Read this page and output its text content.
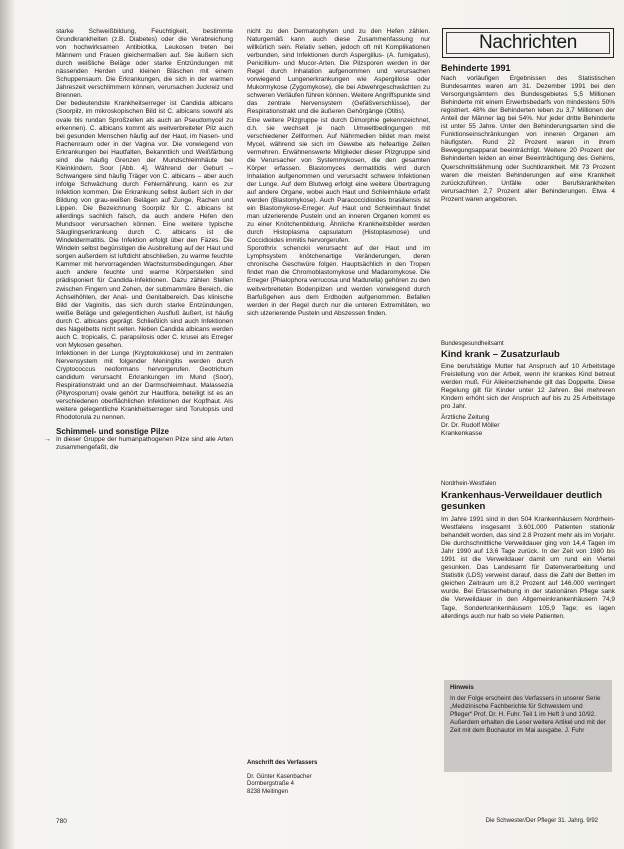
starke Schweißbildung, Feuchtigkeit, bestimmte Grundkrankheiten (z.B. Diabetes) oder die Verabreichung von hochwirksamen Antibiotika, Leukosen treten bei Männern und Frauen gleichermaßen auf. Sie äußern sich durch weißliche Beläge oder starke Entzündungen mit nässenden Herden und kleinen Bläschen mit einem Schuppensaum. Die Erkrankungen, die sich in der warmen Jahreszeit verschlimmern können, verursachen Juckreiz und Brennen.

Der bedeutendste Krankheitserreger ist Candida albicans (Soorpilz, im mikroskopischen Bild ist C. albicans sowohl als ovale bis rundan Sproßzellen als auch an Pseudomycel zu erkennen). C. albicans kommt als weitverbreiteter Pilz auch bei gesunden Menschen häufig auf der Haut, im Nasen- und Rachenraum oder in der Vagina vor. Die vorwiegend von Erkrankungen bei Hautfalten, Bekanntlich und Weißfärbung sind die häufig Grenzen der Mundschleimhäute bei Kleinkindern. Soor [Abb. 4]. Während der Geburt – Schwangere sind häufig Träger von C. albicans – aber auch infolge Schwächung durch Fehlernährung, kann es zur Infektion kommen. Die Erkrankung selbst äußert sich in der Bildung von grau-weißen Belägen auf Zunge, Rachen und Lippen. Die Bezeichnung Soorpilz für C. albicans ist allerdings sachlich falsch, da auch andere Hefen den Mundsoor verursachen können. Eine weitere typische Säuglingserkrankung durch C. albicans ist die Windeldermatitis. Die Infektion erfolgt über den Fäzes. Die Windeln selbst begünstigen die Ausbreitung auf der Haut und sorgen außerdem ist luftdicht abschließen, zu warme feuchte Kammer mit hervorragenden Wachstumsbedingungen. Aber auch andere feuchte und warme Körperstellen sind prädisponiert für Candida-Infektionen. Dazu zählen Stellen zwischen Fingern und Zehen, der submammäre Bereich, die Achselhöhlen, der Anal- und Genitalbereich. Das klinische Bild der Vaginitis, das sich durch starke Entzündungen, weiße Beläge und gelegentlichen Ausfluß äußert, ist häufig durch C. albicans geprägt. Schließlich sind auch Infektionen des Nagelbetts nicht selten. Neben Candida albicans werden auch C. tropicalis, C. parapsilosis oder C. krusei als Erreger von Mykosen gesehen.

Infektionen in der Lunge (Kryptokokkose) und im zentralen Nervensystem mit folgender Meningitis werden durch Cryptococcus neoformans hervorgerufen. Geotrichum candidum verursacht Erkrankungen im Mund (Soor), Respirationstrakt und an der Darmschleimhaut. Malassezia (Pityrosporum) ovale gehört zur Hautflora, beteiligt ist es an verschiedenen oberflächlichen Infektionen der Kopfhaut. Als weitere gelegentliche Krankheitserreger sind Torulopsis und Rhodotorula zu nennen.

Schimmel- und sonstige Pilze

In dieser Gruppe der humanpathogenen Pilze sind alle Arten zusammengefaßt, die

→

nicht zu den Dermatophyten und zu den Hefen zählen. Naturgemäß kann auch diese Zusammenfassung nur willkürlich sein. Relativ selten, jedoch oft mit Komplikationen verbunden, sind Infektionen durch Aspergillus- (A. fumigatus), Penicillium- und Mucor-Arten. Die Pilzsporen werden in der Regel durch Inhalation aufgenommen und verursachen vorwiegend Lungenerkrankungen wie Aspergillose oder Mukormykose (Zygomykose), die bei Abwehrgeschwächten zu schweren Verläufen führen können. Weitere Angriffspunkte sind das zentrale Nervensystem (Gefäßverschlüsse), der Respirationstrakt und die äußeren Gehörgänge (Otitis).

Eine weitere Pilzgruppe ist durch Dimorphie gekennzeichnet, d.h. sie wechselt je nach Umweltbedingungen mit verschiedener Zellformen. Auf Nährmedien bildet man meist Mycel, während sie sich im Gewebe als hefeartige Zellen vermehren. Erwähnenswerte Mitglieder dieser Pilzgruppe sind die Verursacher von Systemmykosen, die den gesamten Körper erfassen. Blastomyces dermatitidis wird durch Inhalation aufgenommen und verursacht schwere Infektionen der Lunge. Auf dem Blutweg erfolgt eine weitere Übertragung auf andere Organe, wobei auch Haut und Schleimhäute erfaßt werden (Blastomykose). Auch Paracoccidioides brasiliensis ist ein Blastomykose-Erreger. Auf Haut und Schleimhaut findet man ulzerierende Pusteln und an inneren Organen kommt es zu einer Knötchenbildung. Ähnliche Krankheitsbilder werden durch Histoplasma capsulatum (Histoplasmose) und Coccidioides immitis hervorgerufen.

Sporothrix schenckii verursacht auf der Haut und im Lymphsystem knötchenartige Veränderungen, deren chronische Geschwüre folgen. Hauptsächlich in den Tropen findet man die Chromoblastomykose und Madaromykose. Die Erreger (Phialophora verrucosa und Madurella) gehören zu den weitverbreiteten Bodenpilzen und werden vorwiegend durch Barfußgehen aus dem Erdboden aufgenommen. Befallen werden in der Regel durch nur die unteren Extremitäten, wo sich ulzerierende Pusteln und Abszessen finden.

Anschrift des Verfassers
Dr. Günter Kasenbacher
Dornbergstraße 4
8238 Meitingen
Nachrichten
Behinderte 1991
Nach vorläufigen Ergebnissen des Statistischen Bundesamtes waren am 31. Dezember 1991 bei den Versorgungsämtern des Bundesgebietes 5,5 Millionen Behinderte mit einem Erwerbsbedarfs von mindestens 50% registriert. 48% der Behinderten leben zu 3,7 Millionen der Anteil der Männer lag bei 54%. Nur jeder dritte Behinderte ist unter 55 Jahre. Unter den Behinderungsarten sind die Funktionseinschränkungen von inneren Organen am häufigsten. Rund 22 Prozent waren in ihrem Bewegungsapparat beeinträchtigt. Weitere 20 Prozent der Behinderten leiden an einer Beeinträchtigung des Gehirns, Querschnittslähmung oder Suchtkrankheit. Mit 73 Prozent waren die meisten Behinderungen auf eine Krankheit zurückzuführen. Unfälle oder Berufskrankheiten verursachten 2,7 Prozent aller Behinderungen. Etwa 4 Prozent waren angeboren.
Bundesgesundheitsamt
Kind krank – Zusatzurlaub
Eine berufstätige Mutter hat Anspruch auf 10 Arbeitstage Freistellung von der Arbeit, wenn ihr krankes Kind betreut werden muß. Für Alleinerziehende gilt das Doppelte. Diese Regelung gilt für Kinder unter 12 Jahren. Bei mehreren Kindern erhöht sich der Anspruch auf bis zu 25 Arbeitstage pro Jahr.
Ärztliche Zeitung
Dr. Dr. Rudolf Möller
Krankenkasse
Nordrhein-Westfalen
Krankenhaus-Verweildauer deutlich gesunken
Im Jahre 1991 sind in den 504 Krankenhäusern Nordrhein-Westfalens insgesamt 3.601.000 Patienten stationär behandelt worden, das sind 2.8 Prozent mehr als im Vorjahr. Die durchschnittliche Verweildauer ging von 14,4 Tagen im Jahr 1990 auf 13,6 Tage zurück. In der Zeit von 1980 bis 1991 ist die Verweildauer damit um rund ein Viertel gesunken. Das Landesamt für Datenverarbeitung und Statistik (LDS) verweist darauf, dass die Zahl der Betten im gleichen Zeitraum um 8,2 Prozent auf 146.000 verringert wurde. Bei Erlasserhebung in der stationären Pflege sank die Verweildauer in den Allgemeinkrankenhäusern 74,9 Tage, Sonderkrankenhäusern 105,9 Tage; es lagen allerdings auch nur halb so viele Patienten.
Hinweis
In der Folge erscheint des Verfassers in unserer Serie „Medizinische Fachberichte für Schwestern und Pfleger“ Prof. Dr. H. Fuhr. Teil 1 im Heft 3 und 10/92. Außerdem erhalten die Leser weitere Artikel und mit der Zeit mit dem Buchautor im Mai ausgabe. J. Fuhr
780	Die Schwester/Der Pfleger 31. Jahrg. 9/92
